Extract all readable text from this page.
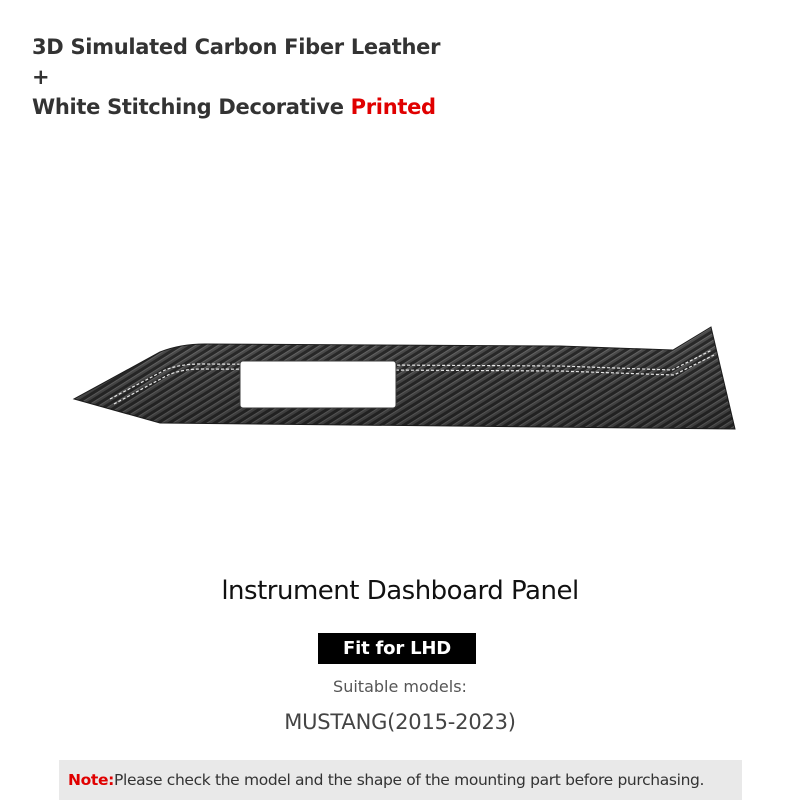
3D Simulated Carbon Fiber Leather
+
White Stitching Decorative Printed
lnstrument Dashboard Panel
Fit for LHD
Suitable models:
MUSTANG(2015-2023)
Note:Please check the model and the shape of the mounting part before purchasing.
